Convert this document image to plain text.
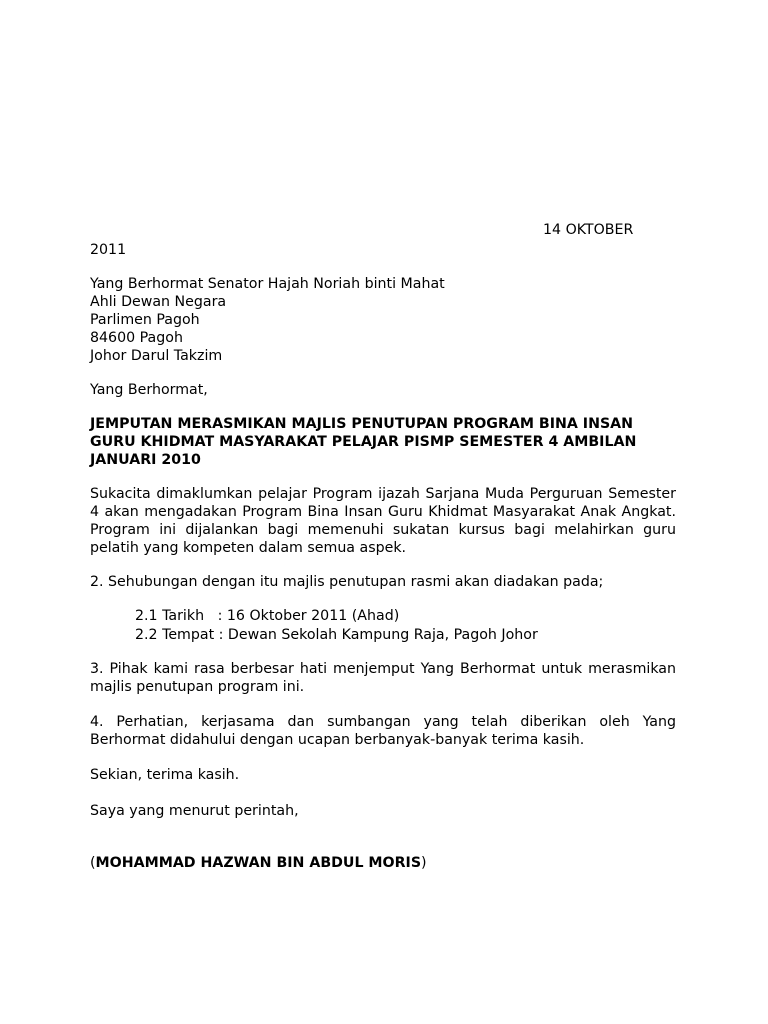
14 OKTOBER
2011
Yang Berhormat Senator Hajah Noriah binti Mahat
Ahli Dewan Negara
Parlimen Pagoh
84600 Pagoh
Johor Darul Takzim
Yang Berhormat,
JEMPUTAN MERASMIKAN MAJLIS PENUTUPAN PROGRAM BINA INSAN GURU KHIDMAT MASYARAKAT PELAJAR PISMP SEMESTER 4 AMBILAN JANUARI 2010
Sukacita dimaklumkan pelajar Program ijazah Sarjana Muda Perguruan Semester 4 akan mengadakan Program Bina Insan Guru Khidmat Masyarakat Anak Angkat. Program ini dijalankan bagi memenuhi sukatan kursus bagi melahirkan guru pelatih yang kompeten dalam semua aspek.
2. Sehubungan dengan itu majlis penutupan rasmi akan diadakan pada;
2.1 Tarikh   : 16 Oktober 2011 (Ahad)
2.2 Tempat : Dewan Sekolah Kampung Raja, Pagoh Johor
3. Pihak kami rasa berbesar hati menjemput Yang Berhormat untuk merasmikan majlis penutupan program ini.
4. Perhatian, kerjasama dan sumbangan yang telah diberikan oleh Yang Berhormat didahului dengan ucapan berbanyak-banyak terima kasih.
Sekian, terima kasih.
Saya yang menurut perintah,
(MOHAMMAD HAZWAN BIN ABDUL MORIS)
